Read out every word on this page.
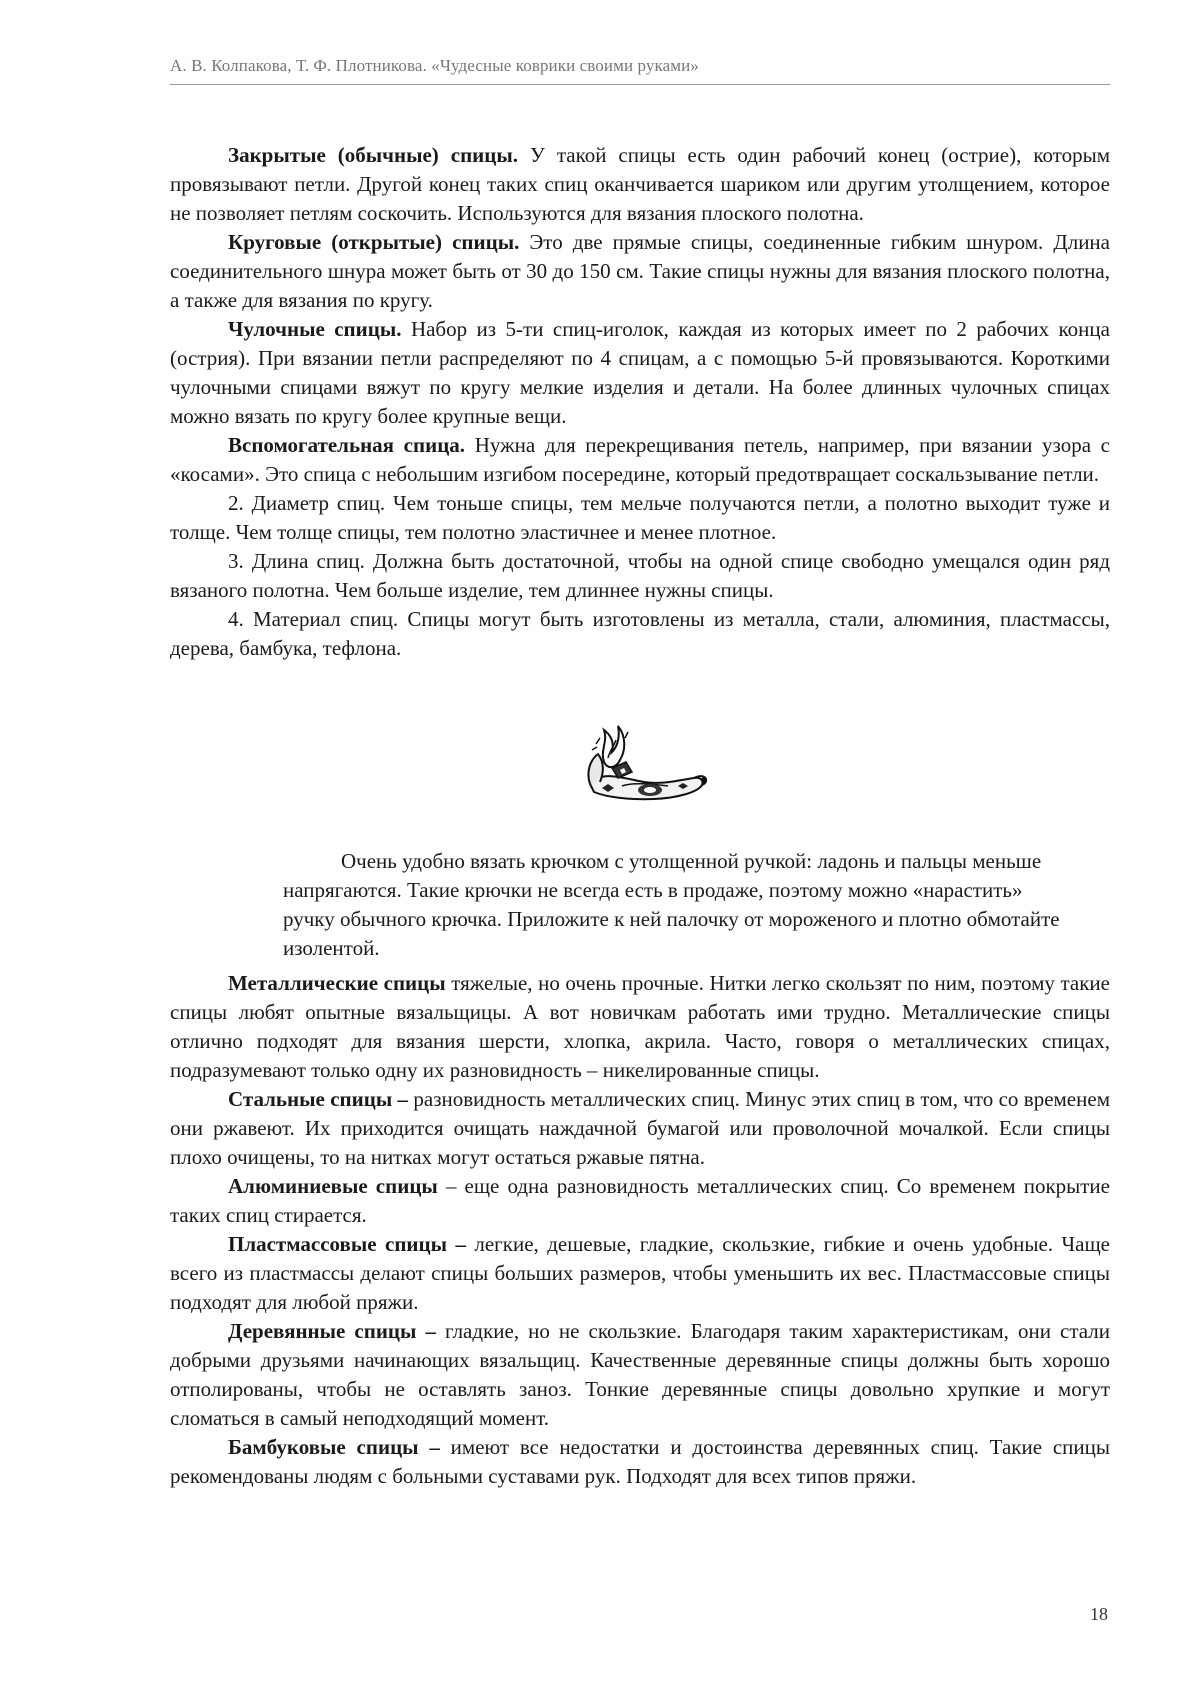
А. В. Колпакова, Т. Ф. Плотникова. «Чудесные коврики своими руками»

Закрытые (обычные) спицы. У такой спицы есть один рабочий конец (острие), которым провязывают петли. Другой конец таких спиц оканчивается шариком или другим утолщением, которое не позволяет петлям соскочить. Используются для вязания плоского полотна.

Круговые (открытые) спицы. Это две прямые спицы, соединенные гибким шнуром. Длина соединительного шнура может быть от 30 до 150 см. Такие спицы нужны для вязания плоского полотна, а также для вязания по кругу.

Чулочные спицы. Набор из 5-ти спиц-иголок, каждая из которых имеет по 2 рабочих конца (острия). При вязании петли распределяют по 4 спицам, а с помощью 5-й провязываются. Короткими чулочными спицами вяжут по кругу мелкие изделия и детали. На более длинных чулочных спицах можно вязать по кругу более крупные вещи.

Вспомогательная спица. Нужна для перекрещивания петель, например, при вязании узора с «косами». Это спица с небольшим изгибом посередине, который предотвращает соскальзывание петли.

2. Диаметр спиц. Чем тоньше спицы, тем мельче получаются петли, а полотно выходит туже и толще. Чем толще спицы, тем полотно эластичнее и менее плотное.

3. Длина спиц. Должна быть достаточной, чтобы на одной спице свободно умещался один ряд вязаного полотна. Чем больше изделие, тем длиннее нужны спицы.

4. Материал спиц. Спицы могут быть изготовлены из металла, стали, алюминия, пластмассы, дерева, бамбука, тефлона.

Очень удобно вязать крючком с утолщенной ручкой: ладонь и пальцы меньше напрягаются. Такие крючки не всегда есть в продаже, поэтому можно «нарастить» ручку обычного крючка. Приложите к ней палочку от мороженого и плотно обмотайте изолентой.

Металлические спицы тяжелые, но очень прочные. Нитки легко скользят по ним, поэтому такие спицы любят опытные вязальщицы. А вот новичкам работать ими трудно. Металлические спицы отлично подходят для вязания шерсти, хлопка, акрила. Часто, говоря о металлических спицах, подразумевают только одну их разновидность – никелированные спицы.

Стальные спицы – разновидность металлических спиц. Минус этих спиц в том, что со временем они ржавеют. Их приходится очищать наждачной бумагой или проволочной мочалкой. Если спицы плохо очищены, то на нитках могут остаться ржавые пятна.

Алюминиевые спицы – еще одна разновидность металлических спиц. Со временем покрытие таких спиц стирается.

Пластмассовые спицы – легкие, дешевые, гладкие, скользкие, гибкие и очень удобные. Чаще всего из пластмассы делают спицы больших размеров, чтобы уменьшить их вес. Пластмассовые спицы подходят для любой пряжи.

Деревянные спицы – гладкие, но не скользкие. Благодаря таким характеристикам, они стали добрыми друзьями начинающих вязальщиц. Качественные деревянные спицы должны быть хорошо отполированы, чтобы не оставлять заноз. Тонкие деревянные спицы довольно хрупкие и могут сломаться в самый неподходящий момент.

Бамбуковые спицы – имеют все недостатки и достоинства деревянных спиц. Такие спицы рекомендованы людям с больными суставами рук. Подходят для всех типов пряжи.

18
